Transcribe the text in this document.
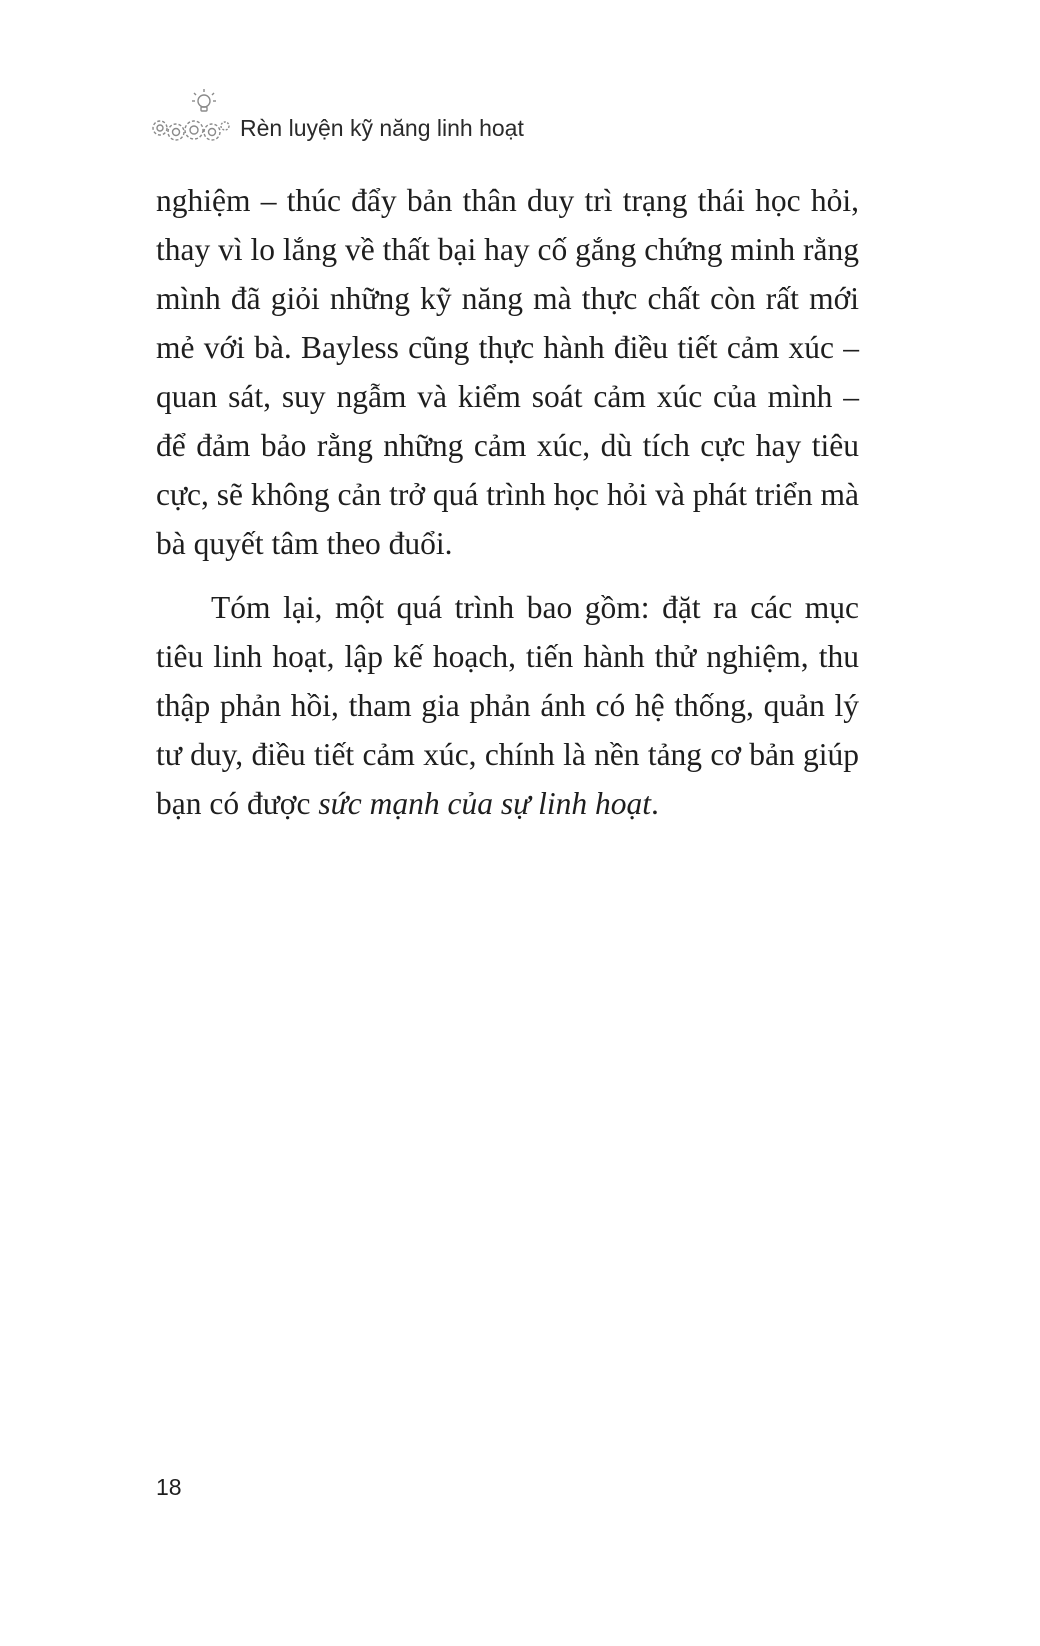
Rèn luyện kỹ năng linh hoạt

nghiệm – thúc đẩy bản thân duy trì trạng thái học hỏi, thay vì lo lắng về thất bại hay cố gắng chứng minh rằng mình đã giỏi những kỹ năng mà thực chất còn rất mới mẻ với bà. Bayless cũng thực hành điều tiết cảm xúc – quan sát, suy ngẫm và kiểm soát cảm xúc của mình – để đảm bảo rằng những cảm xúc, dù tích cực hay tiêu cực, sẽ không cản trở quá trình học hỏi và phát triển mà bà quyết tâm theo đuổi.

Tóm lại, một quá trình bao gồm: đặt ra các mục tiêu linh hoạt, lập kế hoạch, tiến hành thử nghiệm, thu thập phản hồi, tham gia phản ánh có hệ thống, quản lý tư duy, điều tiết cảm xúc, chính là nền tảng cơ bản giúp bạn có được sức mạnh của sự linh hoạt.

18
